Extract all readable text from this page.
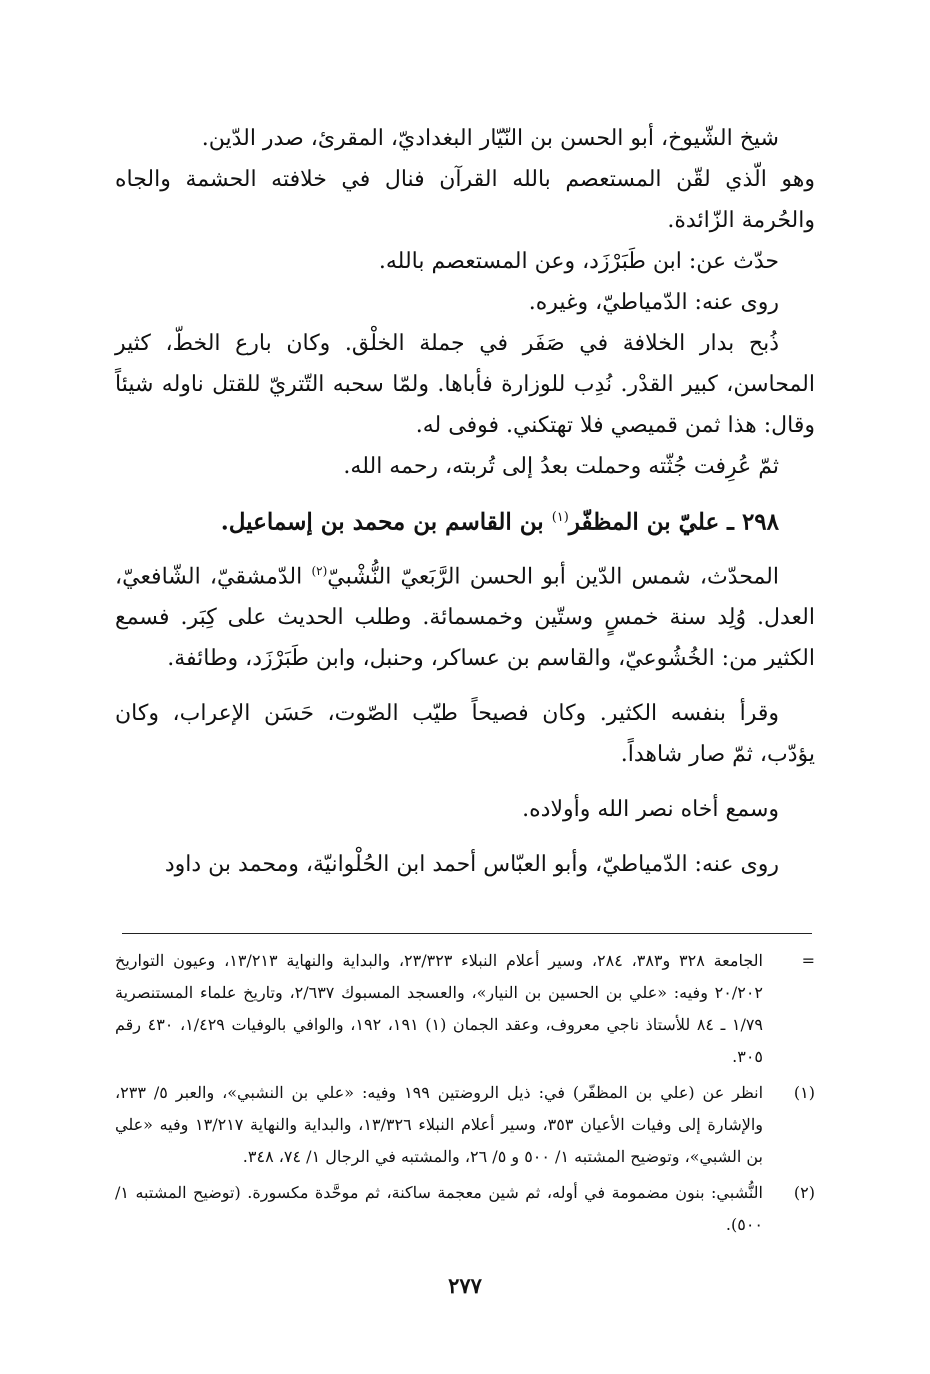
شيخ الشّيوخ، أبو الحسن بن النّيّار البغداديّ، المقرئ، صدر الدّين.

وهو الّذي لقّن المستعصم بالله القرآن فنال في خلافته الحشمة والجاه والحُرمة الزّائدة.

حدّث عن: ابن طَبَرْزَد، وعن المستعصم بالله.

روى عنه: الدّمياطيّ، وغيره.

ذُبح بدار الخلافة في صَفَر في جملة الخلْق. وكان بارع الخطّ، كثير المحاسن، كبير القدْر. نُدِب للوزارة فأباها. ولمّا سحبه التّتريّ للقتل ناوله شيئاً وقال: هذا ثمن قميصي فلا تهتكني. فوفى له.

ثمّ عُرِفت جُثّته وحملت بعدُ إلى تُربته، رحمه الله.

٢٩٨ ـ عليّ بن المظفّر$^{(١)}$ بن القاسم بن محمد بن إسماعيل.

المحدّث، شمس الدّين أبو الحسن الرَّبَعيّ النُّشْبيّ$^{(٢)}$ الدّمشقيّ، الشّافعيّ، العدل. وُلِد سنة خمسٍ وستّين وخمسمائة. وطلب الحديث على كِبَر. فسمع الكثير من: الخُشُوعيّ، والقاسم بن عساكر، وحنبل، وابن طَبَرْزَد، وطائفة.

وقرأ بنفسه الكثير. وكان فصيحاً طيّب الصّوت، حَسَن الإعراب، وكان يؤدّب، ثمّ صار شاهداً.

وسمع أخاه نصر الله وأولاده.

روى عنه: الدّمياطيّ، وأبو العبّاس أحمد ابن الحُلْوانيّة، ومحمد بن داود

=
الجامعة ٣٢٨ و٣٨٣، ٢٨٤، وسير أعلام النبلاء ٢٣/٣٢٣، والبداية والنهاية ١٣/٢١٣، وعيون التواريخ ٢٠/٢٠٢ وفيه: «علي بن الحسين بن النيار»، والعسجد المسبوك ٢/٦٣٧، وتاريخ علماء المستنصرية ١/٧٩ ـ ٨٤ للأستاذ ناجي معروف، وعقد الجمان (١) ١٩١، ١٩٢، والوافي بالوفيات ١/٤٢٩، ٤٣٠ رقم ٣٠٥.

(١)
انظر عن (علي بن المظفّر) في: ذيل الروضتين ١٩٩ وفيه: «علي بن النشبي»، والعبر ٥/ ٢٣٣، والإشارة إلى وفيات الأعيان ٣٥٣، وسير أعلام النبلاء ١٣/٣٢٦، والبداية والنهاية ١٣/٢١٧ وفيه «علي بن الشبي»، وتوضيح المشتبه ١/ ٥٠٠ و ٥/ ٢٦، والمشتبه في الرجال ١/ ٧٤، ٣٤٨.

(٢)
النُّشبي: بنون مضمومة في أوله، ثم شين معجمة ساكنة، ثم موحَّدة مكسورة. (توضيح المشتبه ١/ ٥٠٠).

٢٧٧
